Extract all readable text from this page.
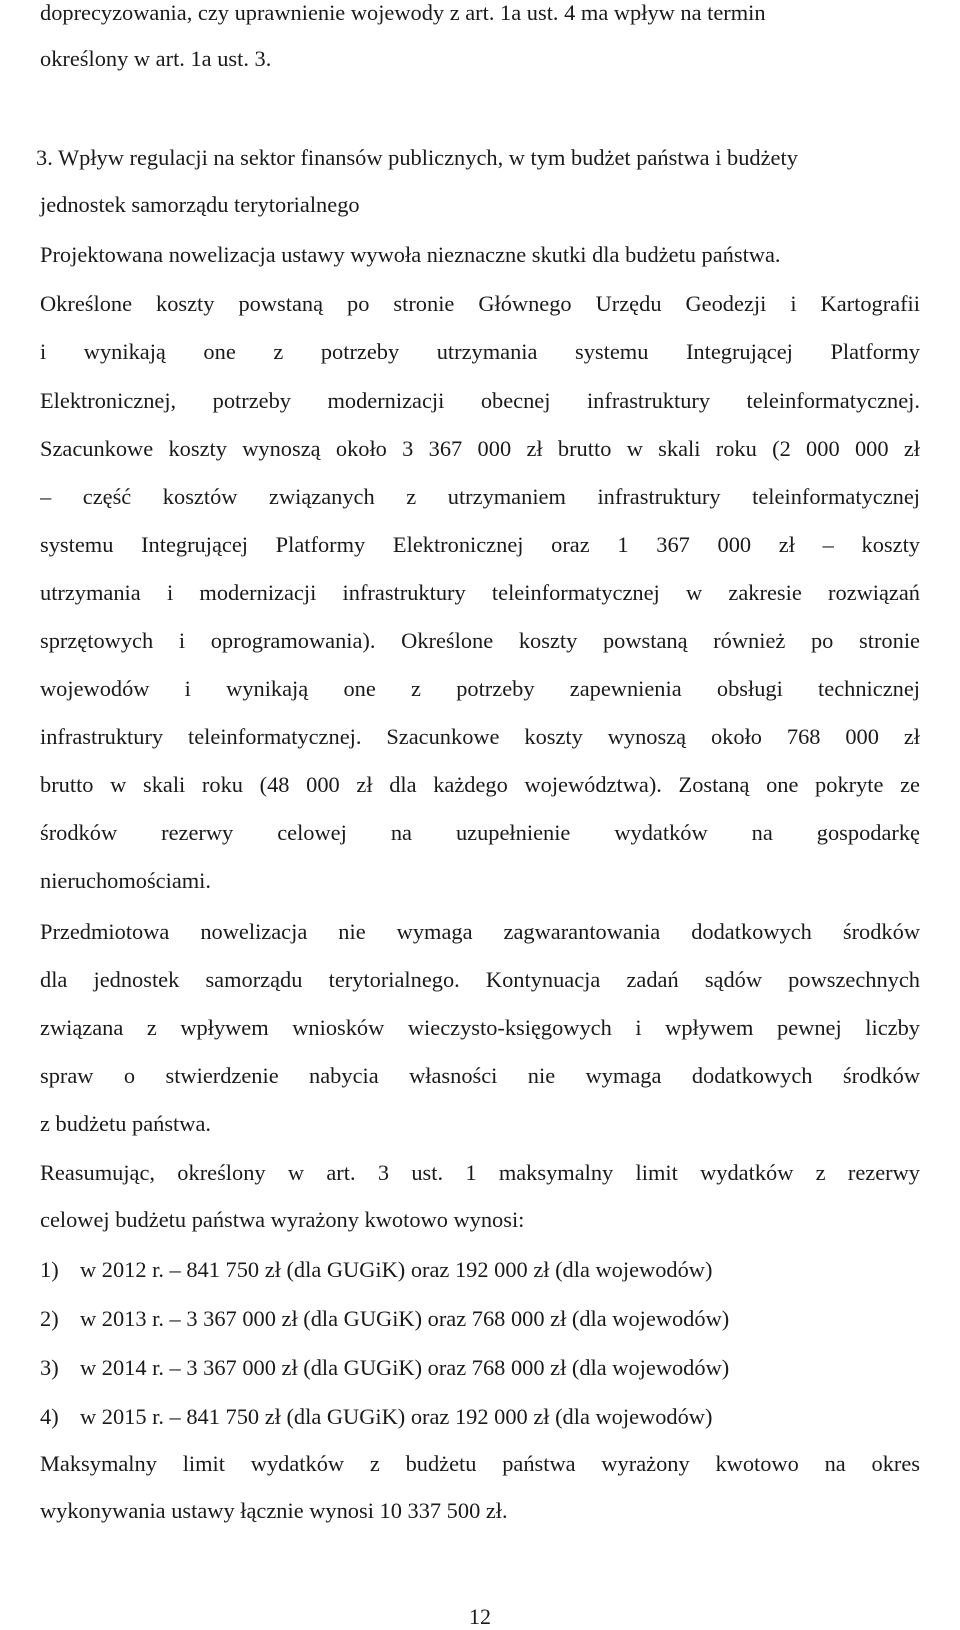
doprecyzowania, czy uprawnienie wojewody z art. 1a ust. 4 ma wpływ na termin
określony w art. 1a ust. 3.
3. Wpływ regulacji na sektor finansów publicznych, w tym budżet państwa i budżety
jednostek samorządu terytorialnego
Projektowana nowelizacja ustawy wywoła nieznaczne skutki dla budżetu państwa.
Określone koszty powstaną po stronie Głównego Urzędu Geodezji i Kartografii
i wynikają one z potrzeby utrzymania systemu Integrującej Platformy
Elektronicznej, potrzeby modernizacji obecnej infrastruktury teleinformatycznej.
Szacunkowe koszty wynoszą około 3 367 000 zł brutto w skali roku (2 000 000 zł
– część kosztów związanych z utrzymaniem infrastruktury teleinformatycznej
systemu Integrującej Platformy Elektronicznej oraz 1 367 000 zł – koszty
utrzymania i modernizacji infrastruktury teleinformatycznej w zakresie rozwiązań
sprzętowych i oprogramowania). Określone koszty powstaną również po stronie
wojewodów i wynikają one z potrzeby zapewnienia obsługi technicznej
infrastruktury teleinformatycznej. Szacunkowe koszty wynoszą około 768 000 zł
brutto w skali roku (48 000 zł dla każdego województwa). Zostaną one pokryte ze
środków rezerwy celowej na uzupełnienie wydatków na gospodarkę
nieruchomościami.
Przedmiotowa nowelizacja nie wymaga zagwarantowania dodatkowych środków
dla jednostek samorządu terytorialnego. Kontynuacja zadań sądów powszechnych
związana z wpływem wniosków wieczysto-księgowych i wpływem pewnej liczby
spraw o stwierdzenie nabycia własności nie wymaga dodatkowych środków
z budżetu państwa.
Reasumując, określony w art. 3 ust. 1 maksymalny limit wydatków z rezerwy
celowej budżetu państwa wyrażony kwotowo wynosi:
1) w 2012 r. – 841 750 zł (dla GUGiK) oraz 192 000 zł (dla wojewodów)
2) w 2013 r. – 3 367 000 zł (dla GUGiK) oraz 768 000 zł (dla wojewodów)
3) w 2014 r. – 3 367 000 zł (dla GUGiK) oraz 768 000 zł (dla wojewodów)
4) w 2015 r. – 841 750 zł (dla GUGiK) oraz 192 000 zł (dla wojewodów)
Maksymalny limit wydatków z budżetu państwa wyrażony kwotowo na okres
wykonywania ustawy łącznie wynosi 10 337 500 zł.
12
